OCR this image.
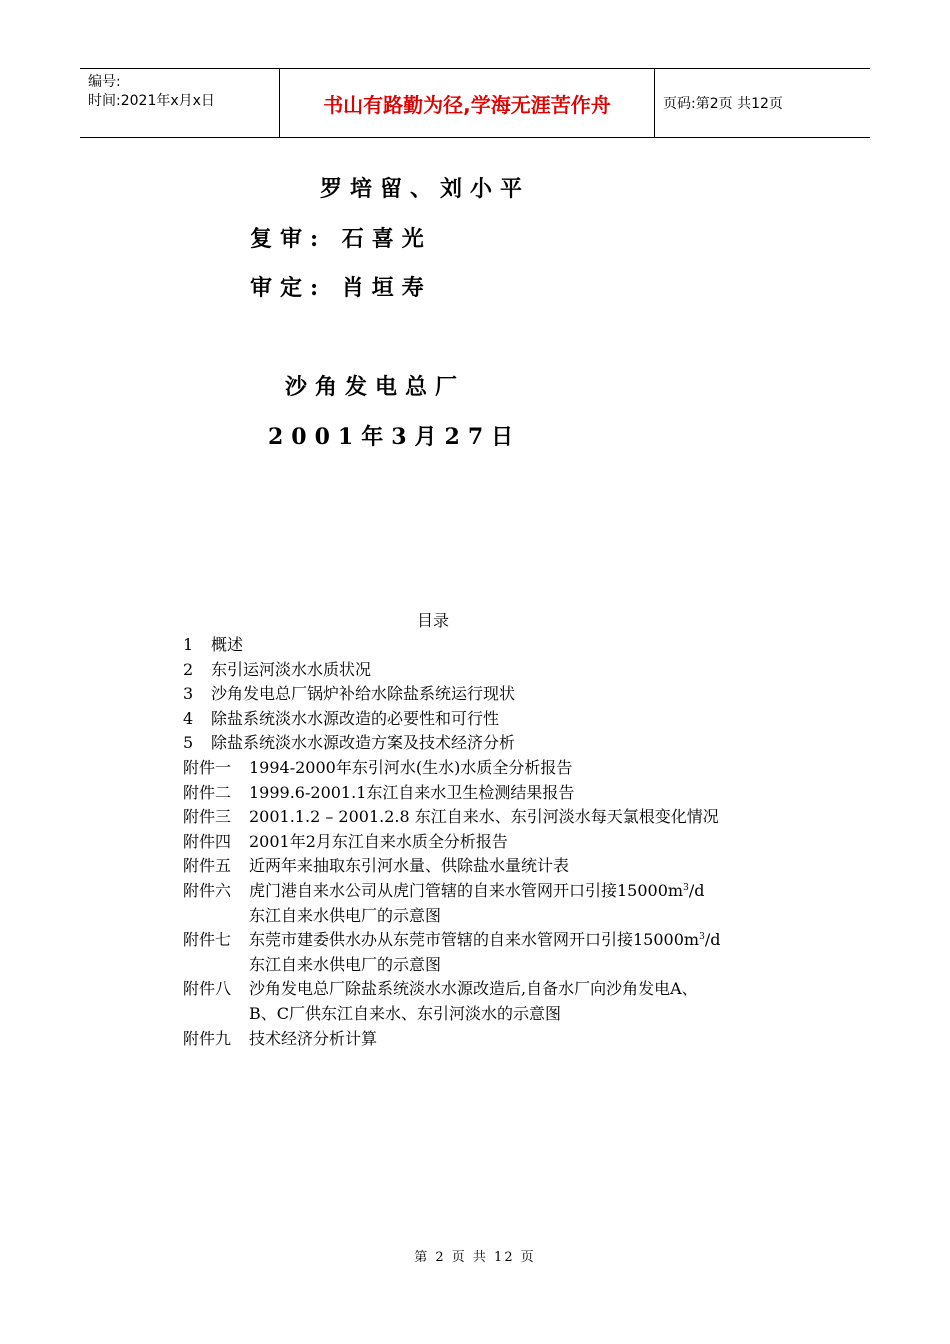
编号:
时间:2021年x月x日	书山有路勤为径,学海无涯苦作舟	页码:第2页 共12页
罗培留、刘小平
复审: 石喜光
审定: 肖垣寿
沙角发电总厂
2001年3月27日
目录
1	概述
2	东引运河淡水水质状况
3	沙角发电总厂锅炉补给水除盐系统运行现状
4	除盐系统淡水水源改造的必要性和可行性
5	除盐系统淡水水源改造方案及技术经济分析
附件一	1994-2000年东引河水(生水)水质全分析报告
附件二	1999.6-2001.1东江自来水卫生检测结果报告
附件三	2001.1.2 – 2001.2.8 东江自来水、东引河淡水每天氯根变化情况
附件四	2001年2月东江自来水质全分析报告
附件五	近两年来抽取东引河水量、供除盐水量统计表
附件六	虎门港自来水公司从虎门管辖的自来水管网开口引接$15000m^3/d$
东江自来水供电厂的示意图
附件七	东莞市建委供水办从东莞市管辖的自来水管网开口引接$15000m^3/d$
东江自来水供电厂的示意图
附件八	沙角发电总厂除盐系统淡水水源改造后,自备水厂向沙角发电A、
B、C厂供东江自来水、东引河淡水的示意图
附件九	技术经济分析计算
第 2 页 共 12 页
